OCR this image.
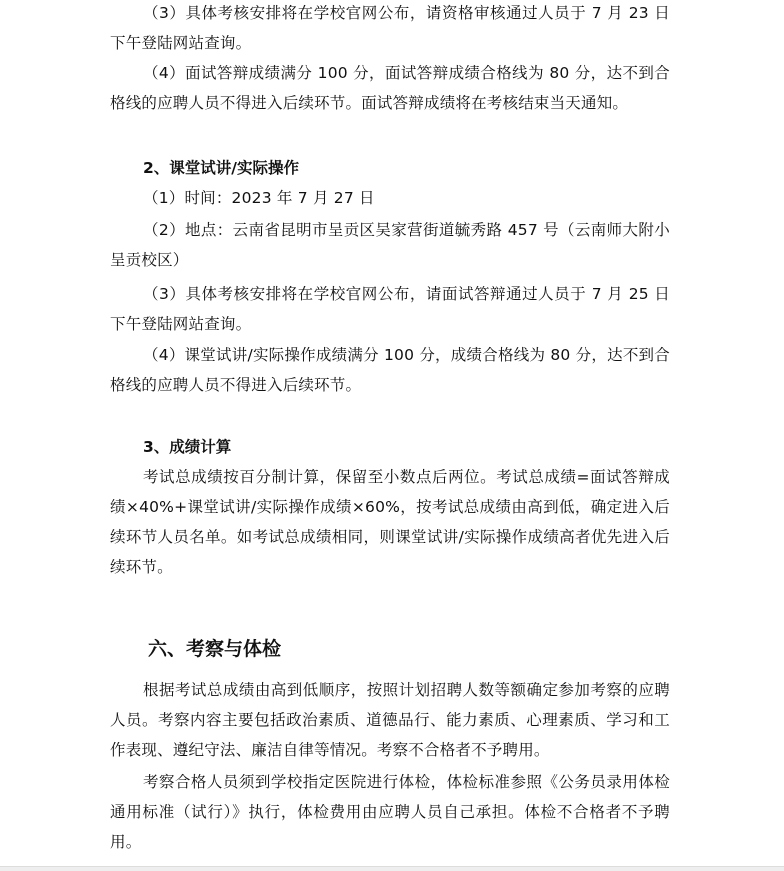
（3）具体考核安排将在学校官网公布，请资格审核通过人员于 7 月 23 日下午登陆网站查询。

（4）面试答辩成绩满分 100 分，面试答辩成绩合格线为 80 分，达不到合格线的应聘人员不得进入后续环节。面试答辩成绩将在考核结束当天通知。

2、课堂试讲/实际操作

（1）时间：2023 年 7 月 27 日

（2）地点：云南省昆明市呈贡区吴家营街道毓秀路 457 号（云南师大附小呈贡校区）

（3）具体考核安排将在学校官网公布，请面试答辩通过人员于 7 月 25 日下午登陆网站查询。

（4）课堂试讲/实际操作成绩满分 100 分，成绩合格线为 80 分，达不到合格线的应聘人员不得进入后续环节。

3、成绩计算

考试总成绩按百分制计算，保留至小数点后两位。考试总成绩=面试答辩成绩×40%+课堂试讲/实际操作成绩×60%，按考试总成绩由高到低，确定进入后续环节人员名单。如考试总成绩相同，则课堂试讲/实际操作成绩高者优先进入后续环节。

六、考察与体检

根据考试总成绩由高到低顺序，按照计划招聘人数等额确定参加考察的应聘人员。考察内容主要包括政治素质、道德品行、能力素质、心理素质、学习和工作表现、遵纪守法、廉洁自律等情况。考察不合格者不予聘用。

考察合格人员须到学校指定医院进行体检，体检标准参照《公务员录用体检通用标准（试行）》执行，体检费用由应聘人员自己承担。体检不合格者不予聘用。
